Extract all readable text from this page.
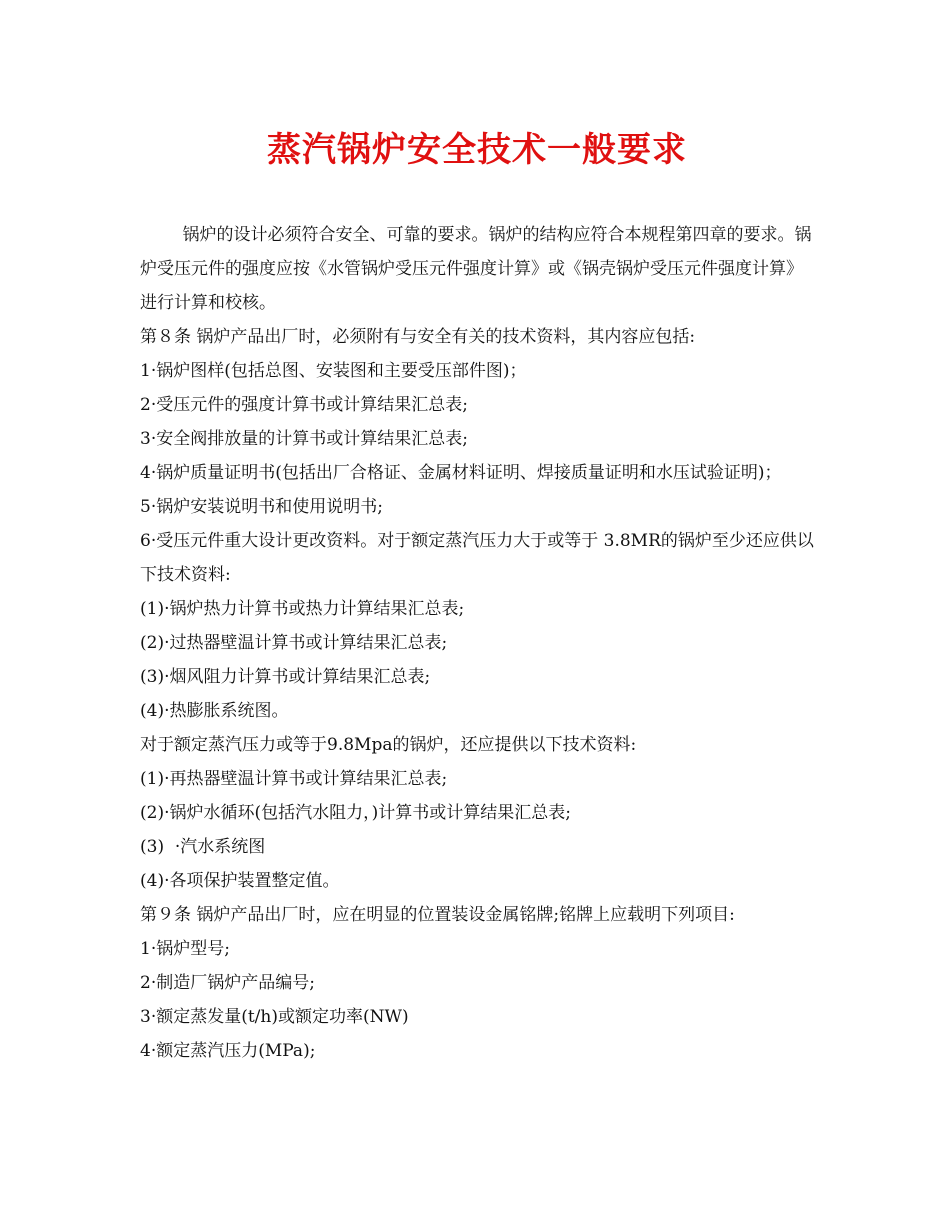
蒸汽锅炉安全技术一般要求

锅炉的设计必须符合安全、可靠的要求。锅炉的结构应符合本规程第四章的要求。锅炉受压元件的强度应按《水管锅炉受压元件强度计算》或《锅壳锅炉受压元件强度计算》进行计算和校核。

第８条 锅炉产品出厂时，必须附有与安全有关的技术资料，其内容应包括:

1·锅炉图样(包括总图、安装图和主要受压部件图)；

2·受压元件的强度计算书或计算结果汇总表;

3·安全阀排放量的计算书或计算结果汇总表;

4·锅炉质量证明书(包括出厂合格证、金属材料证明、焊接质量证明和水压试验证明)；

5·锅炉安装说明书和使用说明书;

6·受压元件重大设计更改资料。对于额定蒸汽压力大于或等于 3.8MR的锅炉至少还应供以下技术资料:

(1)·锅炉热力计算书或热力计算结果汇总表;

(2)·过热器壁温计算书或计算结果汇总表;

(3)·烟风阻力计算书或计算结果汇总表;

(4)·热膨胀系统图。

对于额定蒸汽压力或等于9.8Mpa的锅炉，还应提供以下技术资料:

(1)·再热器壁温计算书或计算结果汇总表;

(2)·锅炉水循环(包括汽水阻力，)计算书或计算结果汇总表;

(3)  ·汽水系统图

(4)·各项保护装置整定值。

第９条 锅炉产品出厂时，应在明显的位置装设金属铭牌;铭牌上应载明下列项目:

1·锅炉型号;

2·制造厂锅炉产品编号;

3·额定蒸发量(t/h)或额定功率(NW)

4·额定蒸汽压力(MPa);
